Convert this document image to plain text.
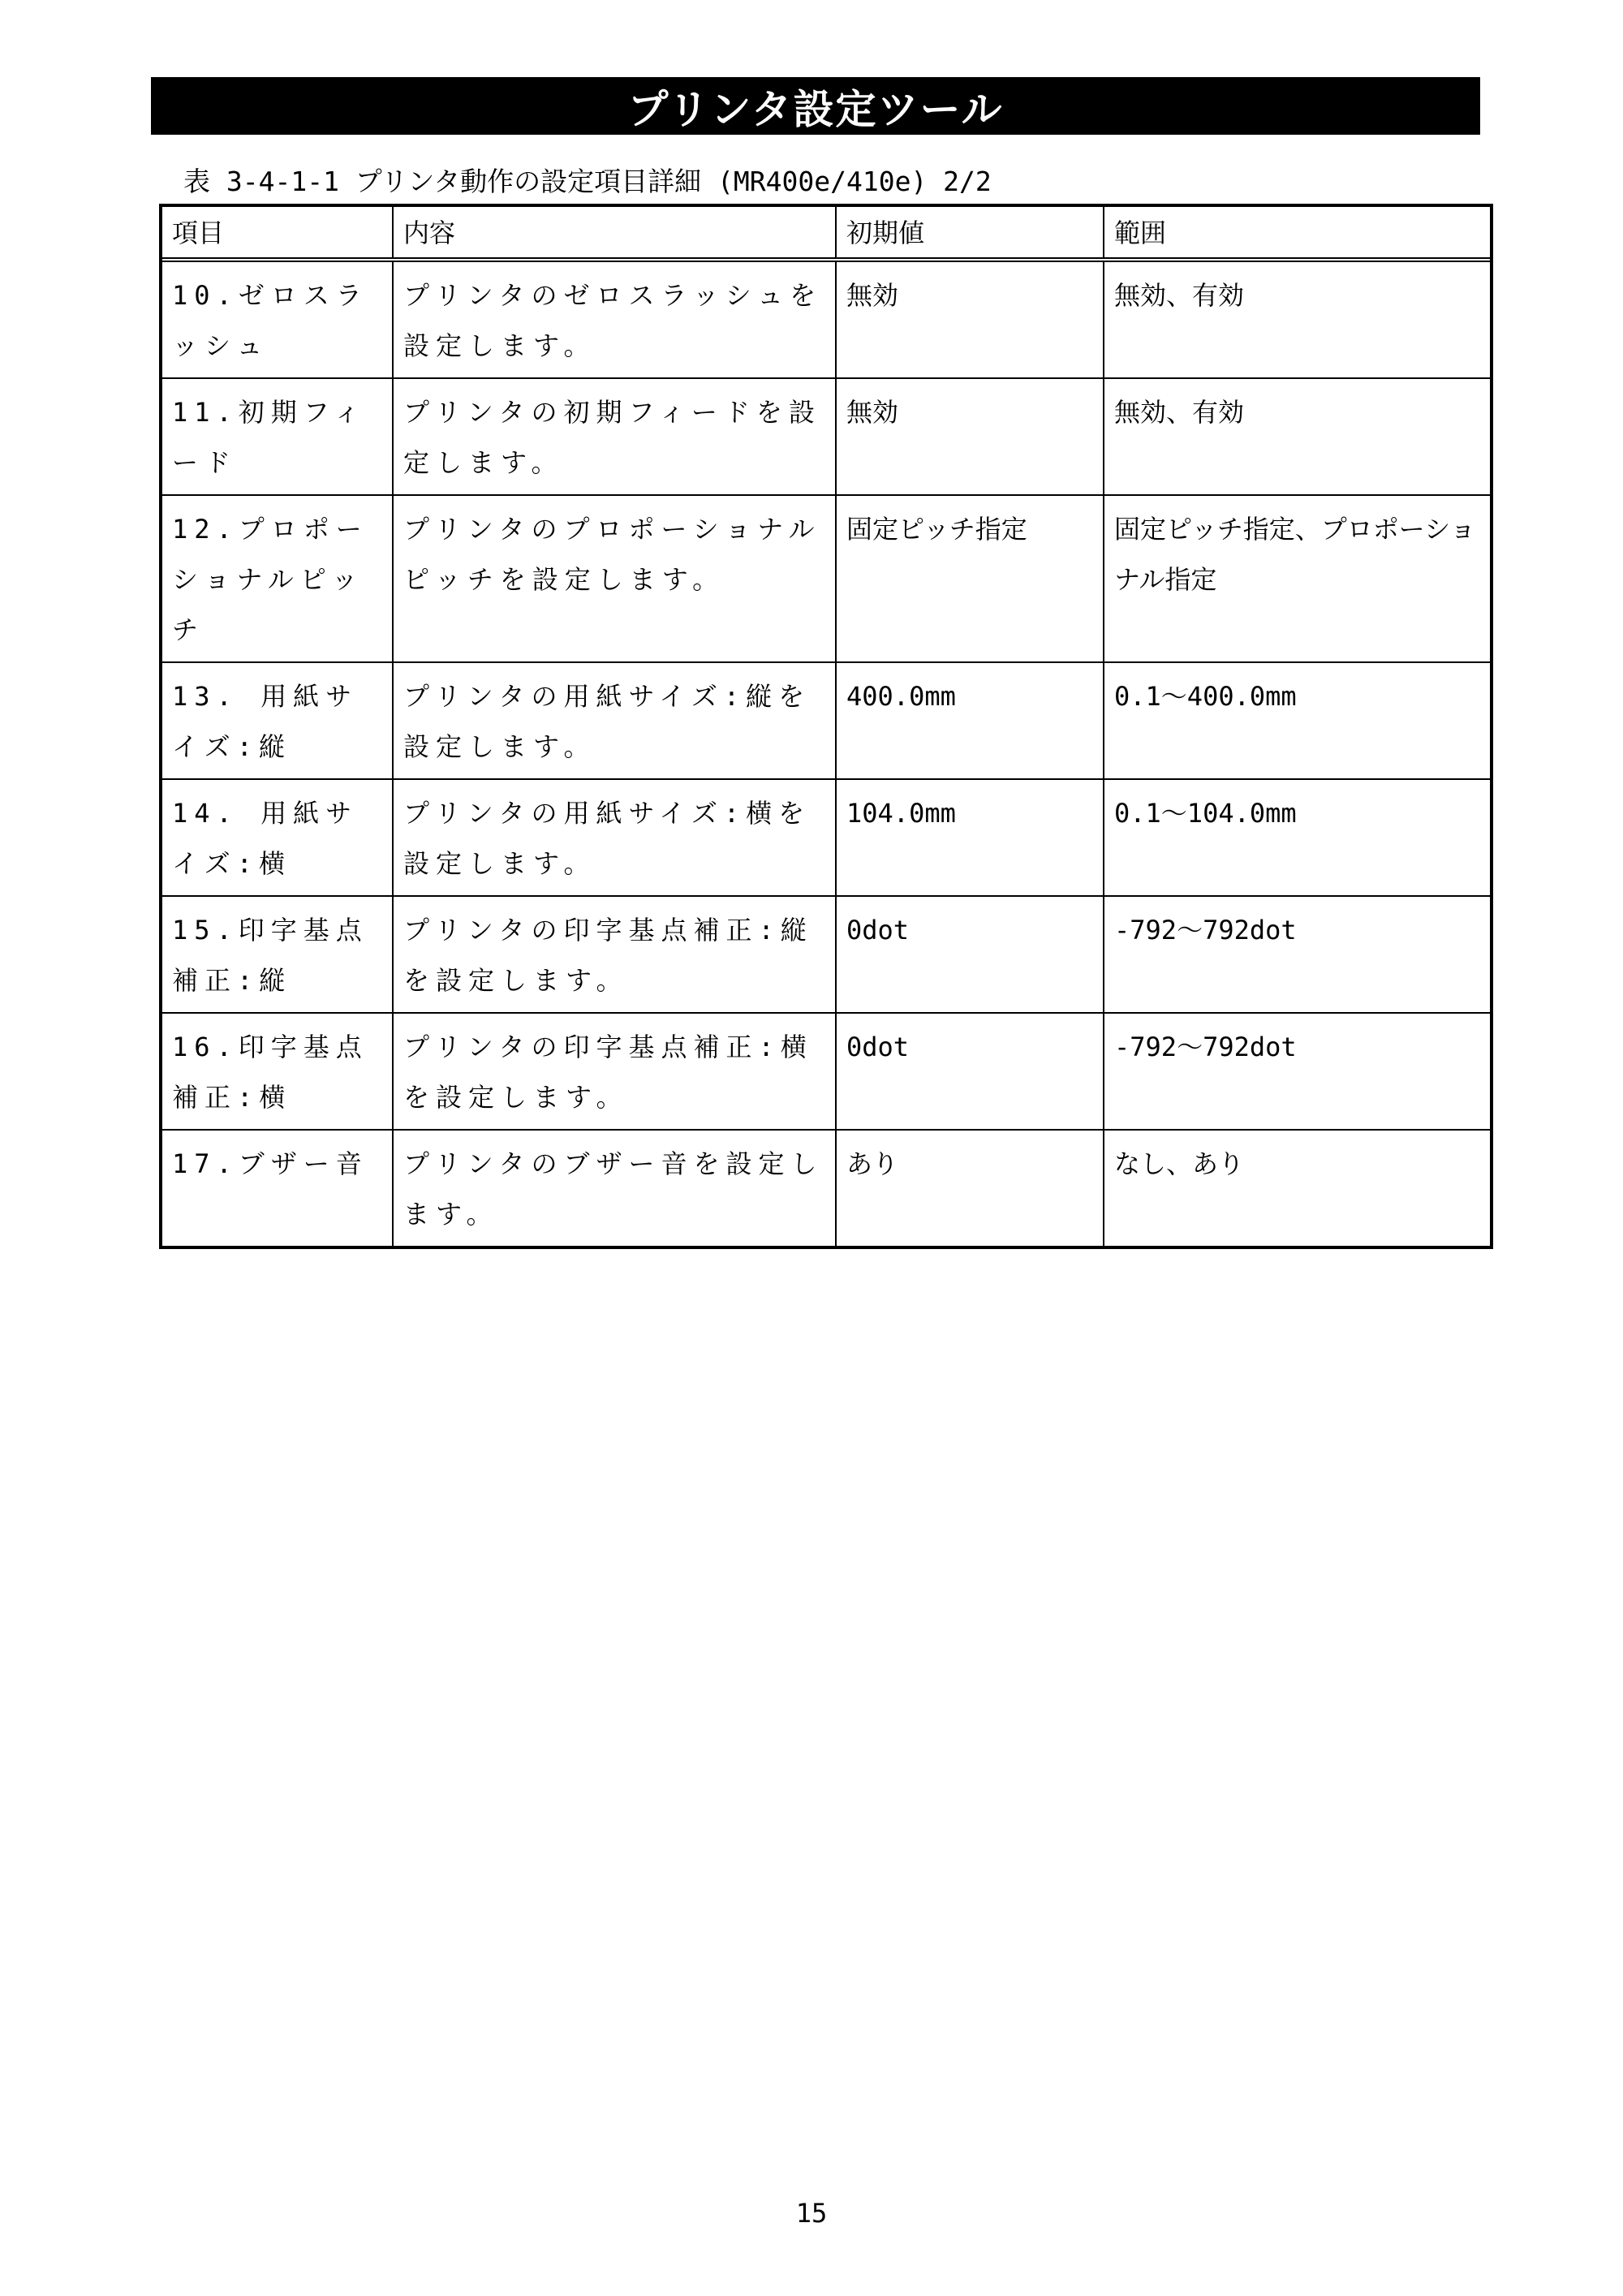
プリンタ設定ツール
表 3-4-1-1 プリンタ動作の設定項目詳細 (MR400e/410e) 2/2
項目	内容	初期値	範囲
10.ゼロスラッシュ	プリンタのゼロスラッシュを設定します。	無効	無効、有効
11.初期フィード	プリンタの初期フィードを設定します。	無効	無効、有効
12.プロポーショナルピッチ	プリンタのプロポーショナルピッチを設定します。	固定ピッチ指定	固定ピッチ指定、プロポーショナル指定
13. 用紙サイズ:縦	プリンタの用紙サイズ:縦を設定します。	400.0mm	0.1～400.0mm
14. 用紙サイズ:横	プリンタの用紙サイズ:横を設定します。	104.0mm	0.1～104.0mm
15.印字基点補正:縦	プリンタの印字基点補正:縦を設定します。	0dot	-792～792dot
16.印字基点補正:横	プリンタの印字基点補正:横を設定します。	0dot	-792～792dot
17.ブザー音	プリンタのブザー音を設定します。	あり	なし、あり
15
